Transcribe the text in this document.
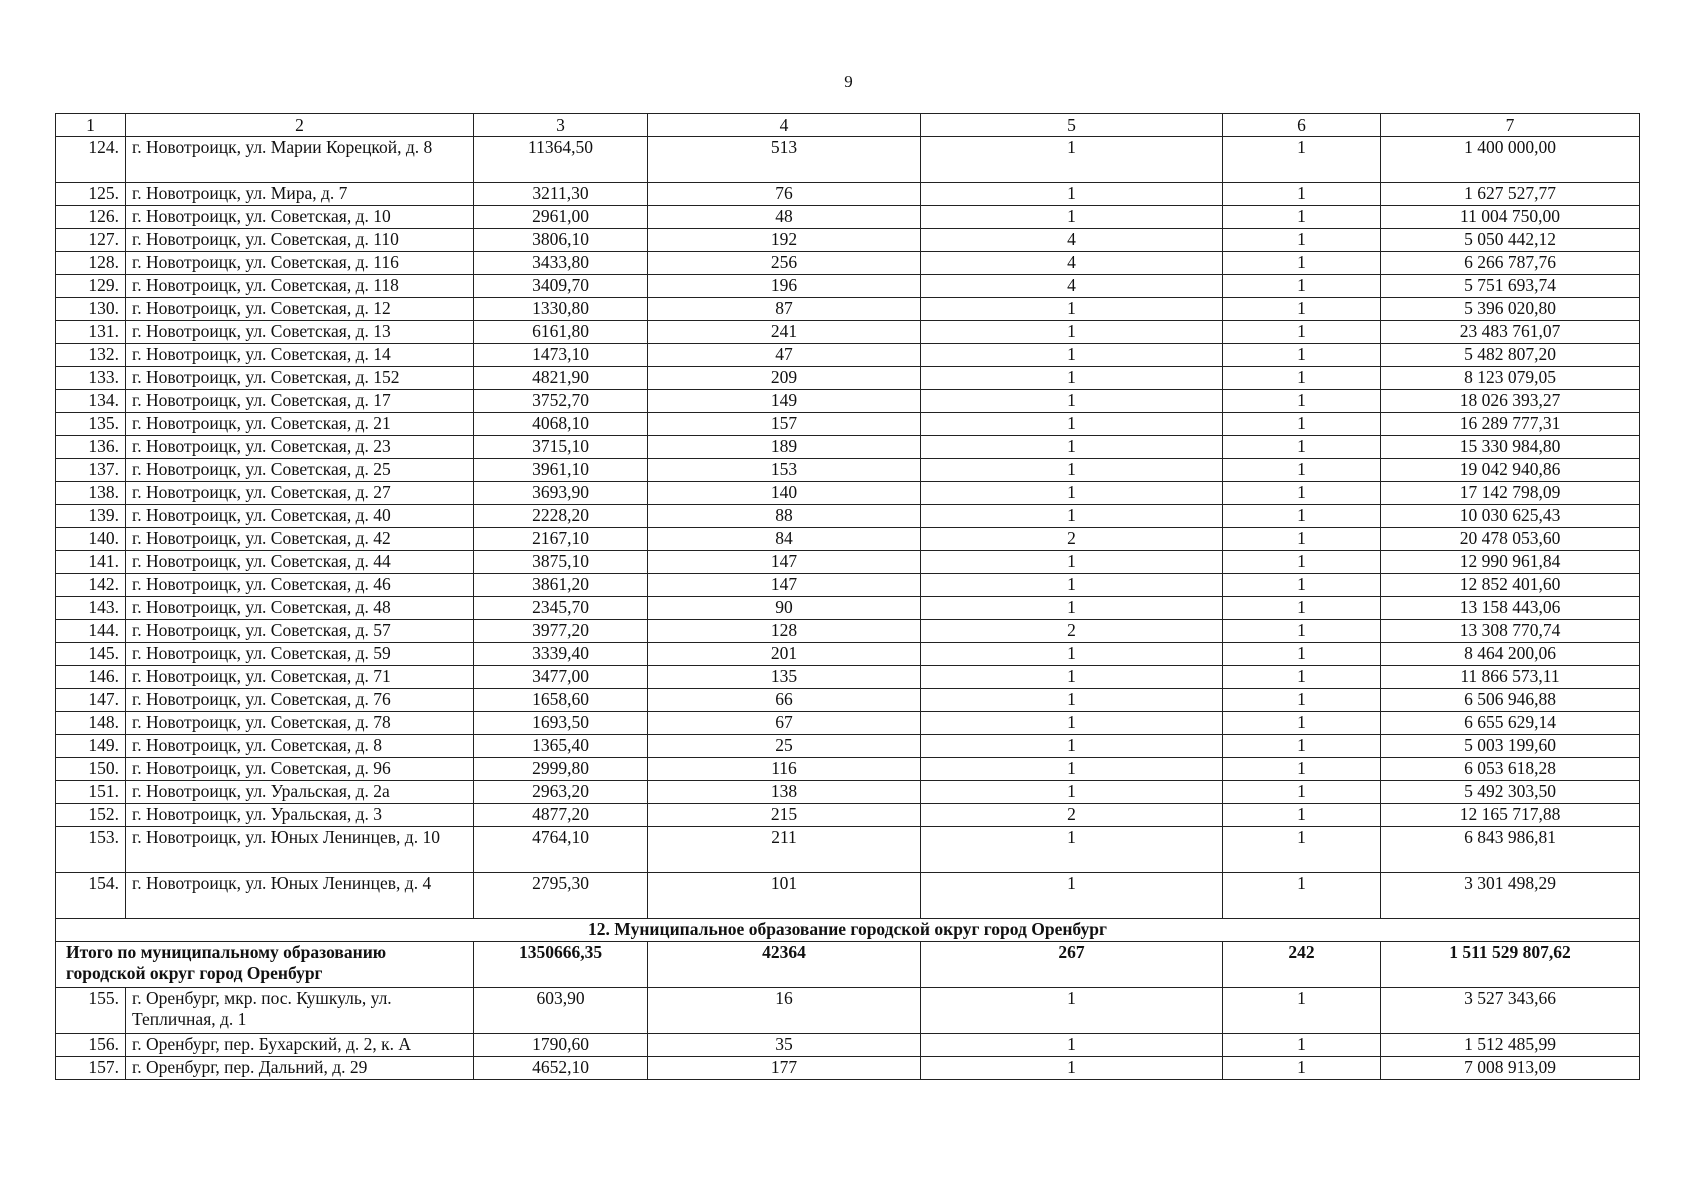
9
1	2	3	4	5	6	7
124.	г. Новотроицк, ул. Марии Корецкой, д. 8	11364,50	513	1	1	1 400 000,00
125.	г. Новотроицк, ул. Мира, д. 7	3211,30	76	1	1	1 627 527,77
126.	г. Новотроицк, ул. Советская, д. 10	2961,00	48	1	1	11 004 750,00
127.	г. Новотроицк, ул. Советская, д. 110	3806,10	192	4	1	5 050 442,12
128.	г. Новотроицк, ул. Советская, д. 116	3433,80	256	4	1	6 266 787,76
129.	г. Новотроицк, ул. Советская, д. 118	3409,70	196	4	1	5 751 693,74
130.	г. Новотроицк, ул. Советская, д. 12	1330,80	87	1	1	5 396 020,80
131.	г. Новотроицк, ул. Советская, д. 13	6161,80	241	1	1	23 483 761,07
132.	г. Новотроицк, ул. Советская, д. 14	1473,10	47	1	1	5 482 807,20
133.	г. Новотроицк, ул. Советская, д. 152	4821,90	209	1	1	8 123 079,05
134.	г. Новотроицк, ул. Советская, д. 17	3752,70	149	1	1	18 026 393,27
135.	г. Новотроицк, ул. Советская, д. 21	4068,10	157	1	1	16 289 777,31
136.	г. Новотроицк, ул. Советская, д. 23	3715,10	189	1	1	15 330 984,80
137.	г. Новотроицк, ул. Советская, д. 25	3961,10	153	1	1	19 042 940,86
138.	г. Новотроицк, ул. Советская, д. 27	3693,90	140	1	1	17 142 798,09
139.	г. Новотроицк, ул. Советская, д. 40	2228,20	88	1	1	10 030 625,43
140.	г. Новотроицк, ул. Советская, д. 42	2167,10	84	2	1	20 478 053,60
141.	г. Новотроицк, ул. Советская, д. 44	3875,10	147	1	1	12 990 961,84
142.	г. Новотроицк, ул. Советская, д. 46	3861,20	147	1	1	12 852 401,60
143.	г. Новотроицк, ул. Советская, д. 48	2345,70	90	1	1	13 158 443,06
144.	г. Новотроицк, ул. Советская, д. 57	3977,20	128	2	1	13 308 770,74
145.	г. Новотроицк, ул. Советская, д. 59	3339,40	201	1	1	8 464 200,06
146.	г. Новотроицк, ул. Советская, д. 71	3477,00	135	1	1	11 866 573,11
147.	г. Новотроицк, ул. Советская, д. 76	1658,60	66	1	1	6 506 946,88
148.	г. Новотроицк, ул. Советская, д. 78	1693,50	67	1	1	6 655 629,14
149.	г. Новотроицк, ул. Советская, д. 8	1365,40	25	1	1	5 003 199,60
150.	г. Новотроицк, ул. Советская, д. 96	2999,80	116	1	1	6 053 618,28
151.	г. Новотроицк, ул. Уральская, д. 2а	2963,20	138	1	1	5 492 303,50
152.	г. Новотроицк, ул. Уральская, д. 3	4877,20	215	2	1	12 165 717,88
153.	г. Новотроицк, ул. Юных Ленинцев, д. 10	4764,10	211	1	1	6 843 986,81
154.	г. Новотроицк, ул. Юных Ленинцев, д. 4	2795,30	101	1	1	3 301 498,29
12. Муниципальное образование городской округ город Оренбург						
Итого по муниципальному образованию городской округ город Оренбург		1350666,35	42364	267	242	1 511 529 807,62
155.	г. Оренбург, мкр. пос. Кушкуль, ул. Тепличная, д. 1	603,90	16	1	1	3 527 343,66
156.	г. Оренбург, пер. Бухарский, д. 2, к. А	1790,60	35	1	1	1 512 485,99
157.	г. Оренбург, пер. Дальний, д. 29	4652,10	177	1	1	7 008 913,09
